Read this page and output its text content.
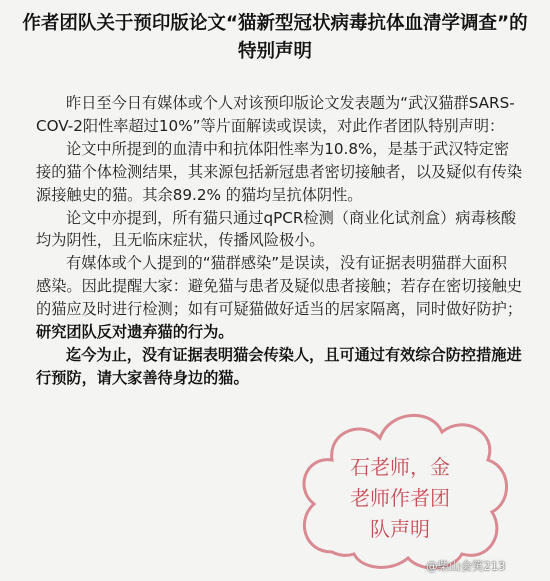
作者团队关于预印版论文“猫新型冠状病毒抗体血清学调查”的
特别声明

昨日至今日有媒体或个人对该预印版论文发表题为“武汉猫群SARS-COV-2阳性率超过10%”等片面解读或误读，对此作者团队特别声明：

论文中所提到的血清中和抗体阳性率为10.8%，是基于武汉特定密接的猫个体检测结果，其来源包括新冠患者密切接触者，以及疑似有传染源接触史的猫。其余89.2% 的猫均呈抗体阴性。

论文中亦提到，所有猫只通过qPCR检测（商业化试剂盒）病毒核酸均为阴性，且无临床症状，传播风险极小。

有媒体或个人提到的“猫群感染”是误读，没有证据表明猫群大面积感染。因此提醒大家：避免猫与患者及疑似患者接触；若存在密切接触史的猫应及时进行检测；如有可疑猫做好适当的居家隔离，同时做好防护；研究团队反对遗弃猫的行为。

迄今为止，没有证据表明猫会传染人，且可通过有效综合防控措施进行预防，请大家善待身边的猫。

石老师，金
老师作者团
队声明
@柴山会笑213
